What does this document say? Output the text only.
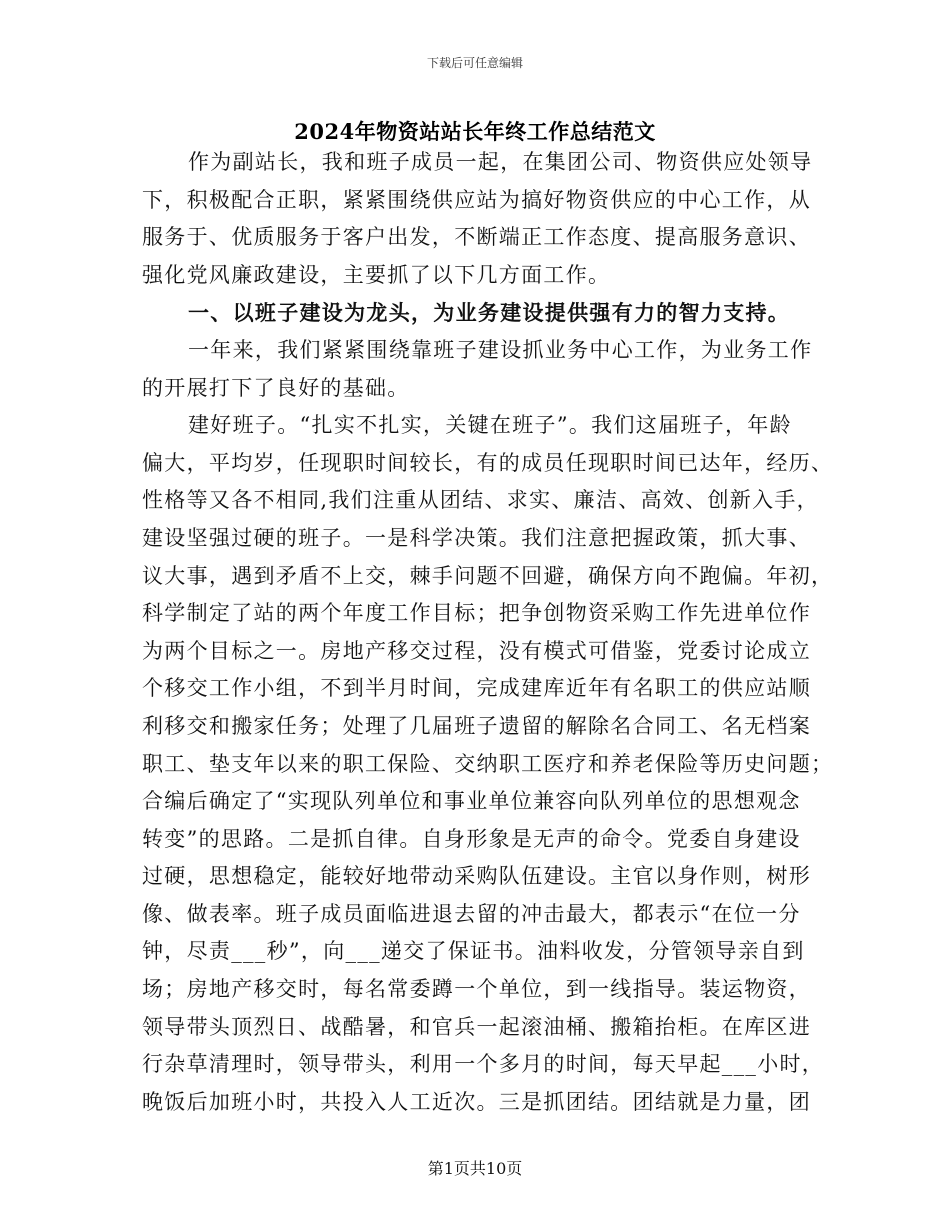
下载后可任意编辑
2024年物资站站长年终工作总结范文
作为副站长，我和班子成员一起，在集团公司、物资供应处领导
下，积极配合正职，紧紧围绕供应站为搞好物资供应的中心工作，从
服务于、优质服务于客户出发，不断端正工作态度、提高服务意识、
强化党风廉政建设，主要抓了以下几方面工作。
一、以班子建设为龙头，为业务建设提供强有力的智力支持。
一年来，我们紧紧围绕靠班子建设抓业务中心工作，为业务工作
的开展打下了良好的基础。
建好班子。“扎实不扎实，关键在班子”。我们这届班子，年龄
偏大，平均岁，任现职时间较长，有的成员任现职时间已达年，经历、
性格等又各不相同,我们注重从团结、求实、廉洁、高效、创新入手，
建设坚强过硬的班子。一是科学决策。我们注意把握政策，抓大事、
议大事，遇到矛盾不上交，棘手问题不回避，确保方向不跑偏。年初，
科学制定了站的两个年度工作目标；把争创物资采购工作先进单位作
为两个目标之一。房地产移交过程，没有模式可借鉴，党委讨论成立
个移交工作小组，不到半月时间，完成建库近年有名职工的供应站顺
利移交和搬家任务；处理了几届班子遗留的解除名合同工、名无档案
职工、垫支年以来的职工保险、交纳职工医疗和养老保险等历史问题；
合编后确定了“实现队列单位和事业单位兼容向队列单位的思想观念
转变”的思路。二是抓自律。自身形象是无声的命令。党委自身建设
过硬，思想稳定，能较好地带动采购队伍建设。主官以身作则，树形
像、做表率。班子成员面临进退去留的冲击最大，都表示“在位一分
钟，尽责___秒”，向___递交了保证书。油料收发，分管领导亲自到
场；房地产移交时，每名常委蹲一个单位，到一线指导。装运物资，
领导带头顶烈日、战酷暑，和官兵一起滚油桶、搬箱抬柜。在库区进
行杂草清理时，领导带头，利用一个多月的时间，每天早起___小时，
晚饭后加班小时，共投入人工近次。三是抓团结。团结就是力量，团
第1页共10页
